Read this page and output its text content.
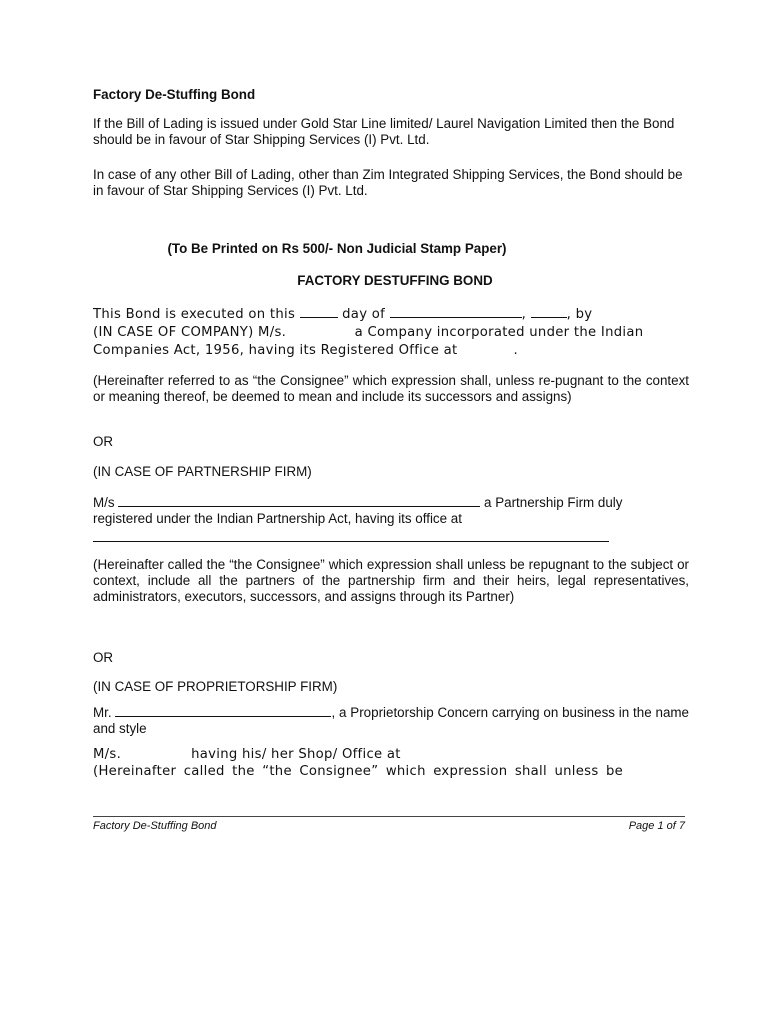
Factory De-Stuffing Bond

If the Bill of Lading is issued under Gold Star Line limited/ Laurel Navigation Limited then the Bond should be in favour of Star Shipping Services (I) Pvt. Ltd.

In case of any other Bill of Lading, other than Zim Integrated Shipping Services, the Bond should be in favour of Star Shipping Services (I) Pvt. Ltd.

(To Be Printed on Rs 500/- Non Judicial Stamp Paper)

FACTORY DESTUFFING BOND

This Bond is executed on this	day of	,	, by
(IN CASE OF COMPANY) M/s.	a Company incorporated under the Indian Companies Act, 1956, having its Registered Office at	.

(Hereinafter referred to as “the Consignee” which expression shall, unless re-pugnant to the context or meaning thereof, be deemed to mean and include its successors and assigns)

OR

(IN CASE OF PARTNERSHIP FIRM)

M/s	a Partnership Firm duly registered under the Indian Partnership Act, having its office at

(Hereinafter called the “the Consignee” which expression shall unless be repugnant to the subject or context, include all the partners of the partnership firm and their heirs, legal representatives, administrators, executors, successors, and assigns through its Partner)

OR

(IN CASE OF PROPRIETORSHIP FIRM)

Mr.	, a Proprietorship Concern carrying on business in the name and style

M/s.	having his/ her Shop/ Office at

(Hereinafter called the “the Consignee” which expression shall unless be

Factory De-Stuffing Bond	Page 1 of 7
